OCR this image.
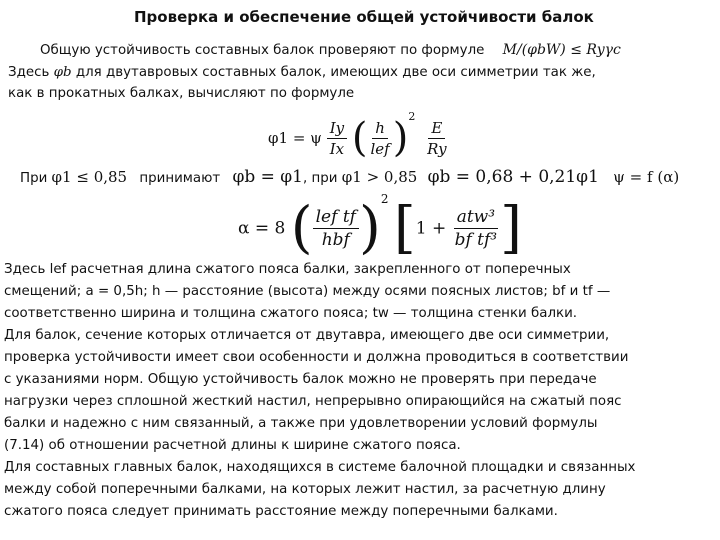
Проверка и обеспечение общей устойчивости балок
Общую устойчивость составных балок проверяют по формуле M/(φbW) ≤ Ryγc
Здесь φb для двутавровых составных балок, имеющих две оси симметрии так же,
как в прокатных балках, вычисляют по формуле
φ1 = ψ $\frac{Iy}{Ix}$ ( $\frac{h}{\text{lef}} )^2$
$\frac{E}{Ry}$
При φ1 ≤ 0,85 принимают φb = φ1, при φ1 > 0,85 φb = 0,68 + 0,21φ1 ψ = f (α)
α = 8 ( $\frac{\text{lef tf}}{\text{hbf}} )^2$ [$1 + \frac{\text{atw³}}{\text{bf tf³}}$ ]
Здесь lef расчетная длина сжатого пояса балки, закрепленного от поперечных
смещений; a = 0,5h; h — расстояние (высота) между осями поясных листов; bf и tf —
соответственно ширина и толщина сжатого пояса; tw — толщина стенки балки.
Для балок, сечение которых отличается от двутавра, имеющего две оси симметрии,
проверка устойчивости имеет свои особенности и должна проводиться в соответствии
с указаниями норм. Общую устойчивость балок можно не проверять при передаче
нагрузки через сплошной жесткий настил, непрерывно опирающийся на сжатый пояс
балки и надежно с ним связанный, а также при удовлетворении условий формулы
(7.14) об отношении расчетной длины к ширине сжатого пояса.
Для составных главных балок, находящихся в системе балочной площадки и связанных
между собой поперечными балками, на которых лежит настил, за расчетную длину
сжатого пояса следует принимать расстояние между поперечными балками.
